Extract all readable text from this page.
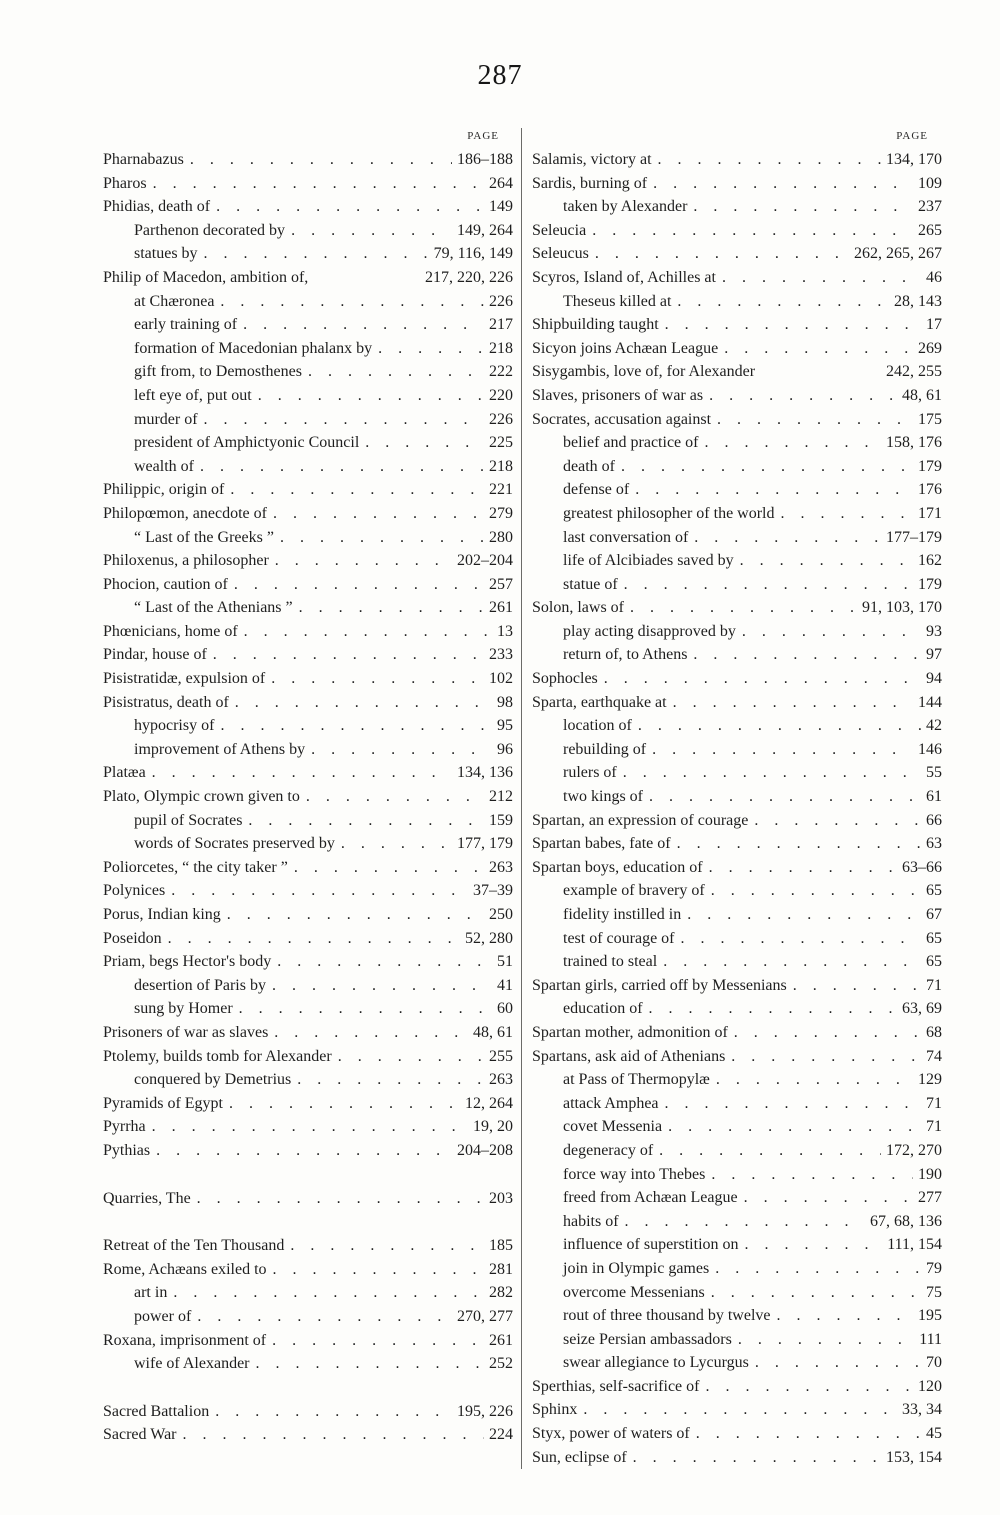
287
PAGE
Pharnabazus . . .	186–188
Pharos . . .	264
Phidias, death of . . .	149
Parthenon decorated by . . .	149, 264
statues by . . .	79, 116, 149
Philip of Macedon, ambition of,	217, 220, 226
at Chæronea . . .	226
early training of . . .	217
formation of Macedonian phalanx by . . .	218
gift from, to Demosthenes . . .	222
left eye of, put out . . .	220
murder of . . .	226
president of Amphictyonic Council . . .	225
wealth of . . .	218
Philippic, origin of . . .	221
Philopœmon, anecdote of . . .	279
“ Last of the Greeks ” . . .	280
Philoxenus, a philosopher . . .	202–204
Phocion, caution of . . .	257
“ Last of the Athenians ” . . .	261
Phœnicians, home of . . .	13
Pindar, house of . . .	233
Pisistratidæ, expulsion of . . .	102
Pisistratus, death of . . .	98
hypocrisy of . . .	95
improvement of Athens by . . .	96
Platæa . . .	134, 136
Plato, Olympic crown given to . . .	212
pupil of Socrates . . .	159
words of Socrates preserved by . . .	177, 179
Poliorcetes, “ the city taker ” . . .	263
Polynices . . .	37–39
Porus, Indian king . . .	250
Poseidon . . .	52, 280
Priam, begs Hector's body . . .	51
desertion of Paris by . . .	41
sung by Homer . . .	60
Prisoners of war as slaves . . .	48, 61
Ptolemy, builds tomb for Alexander . . .	255
conquered by Demetrius . . .	263
Pyramids of Egypt . . .	12, 264
Pyrrha . . .	19, 20
Pythias . . .	204–208
Quarries, The . . .	203
Retreat of the Ten Thousand . . .	185
Rome, Achæans exiled to . . .	281
art in . . .	282
power of . . .	270, 277
Roxana, imprisonment of . . .	261
wife of Alexander . . .	252
Sacred Battalion . . .	195, 226
Sacred War . . .	224
PAGE
Salamis, victory at . . .	134, 170
Sardis, burning of . . .	109
taken by Alexander . . .	237
Seleucia . . .	265
Seleucus . . .	262, 265, 267
Scyros, Island of, Achilles at . . .	46
Theseus killed at . . .	28, 143
Shipbuilding taught . . .	17
Sicyon joins Achæan League . . .	269
Sisygambis, love of, for Alexander	242, 255
Slaves, prisoners of war as . . .	48, 61
Socrates, accusation against . . .	175
belief and practice of . . .	158, 176
death of . . .	179
defense of . . .	176
greatest philosopher of the world . . .	171
last conversation of . . .	177–179
life of Alcibiades saved by . . .	162
statue of . . .	179
Solon, laws of . . .	91, 103, 170
play acting disapproved by . . .	93
return of, to Athens . . .	97
Sophocles . . .	94
Sparta, earthquake at . . .	144
location of . . .	42
rebuilding of . . .	146
rulers of . . .	55
two kings of . . .	61
Spartan, an expression of courage . . .	66
Spartan babes, fate of . . .	63
Spartan boys, education of . . .	63–66
example of bravery of . . .	65
fidelity instilled in . . .	67
test of courage of . . .	65
trained to steal . . .	65
Spartan girls, carried off by Messenians . . .	71
education of . . .	63, 69
Spartan mother, admonition of . . .	68
Spartans, ask aid of Athenians . . .	74
at Pass of Thermopylæ . . .	129
attack Amphea . . .	71
covet Messenia . . .	71
degeneracy of . . .	172, 270
force way into Thebes . . .	190
freed from Achæan League . . .	277
habits of . . .	67, 68, 136
influence of superstition on . . .	111, 154
join in Olympic games . . .	79
overcome Messenians . . .	75
rout of three thousand by twelve . . .	195
seize Persian ambassadors . . .	111
swear allegiance to Lycurgus . . .	70
Sperthias, self-sacrifice of . . .	120
Sphinx . . .	33, 34
Styx, power of waters of . . .	45
Sun, eclipse of . . .	153, 154
